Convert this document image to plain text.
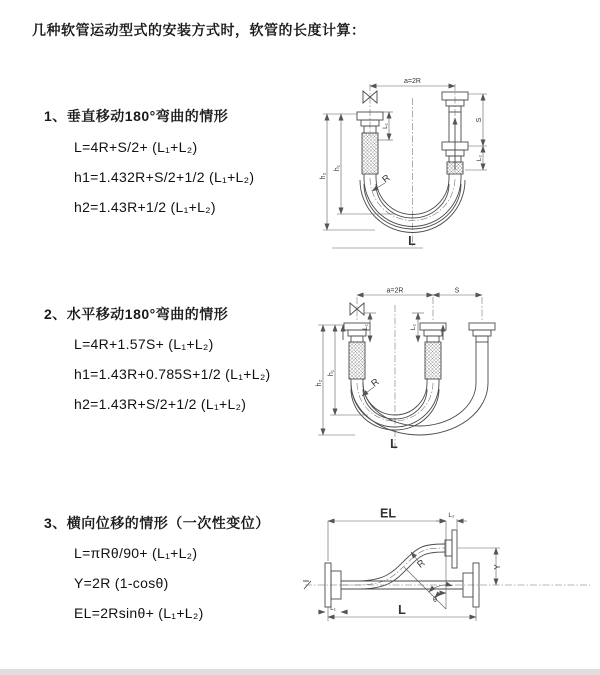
几种软管运动型式的安装方式时，软管的长度计算：
1、垂直移动180°弯曲的情形
L=4R+S/2+ (L₁+L₂)
h1=1.432R+S/2+1/2 (L₁+L₂)
h2=1.43R+1/2 (L₁+L₂)
a=2R
h₁
h₂
L₁
S
L₂
R
L
2、水平移动180°弯曲的情形
L=4R+1.57S+ (L₁+L₂)
h1=1.43R+0.785S+1/2 (L₁+L₂)
h2=1.43R+S/2+1/2 (L₁+L₂)
a=2R	S
L₁	L₂
h₁
h₂	R
L
3、横向位移的情形（一次性变位）
L=πRθ/90+ (L₁+L₂)
Y=2R (1-cosθ)
EL=2Rsinθ+ (L₁+L₂)
EL	L₂
Y
L
L₁
R
θ
